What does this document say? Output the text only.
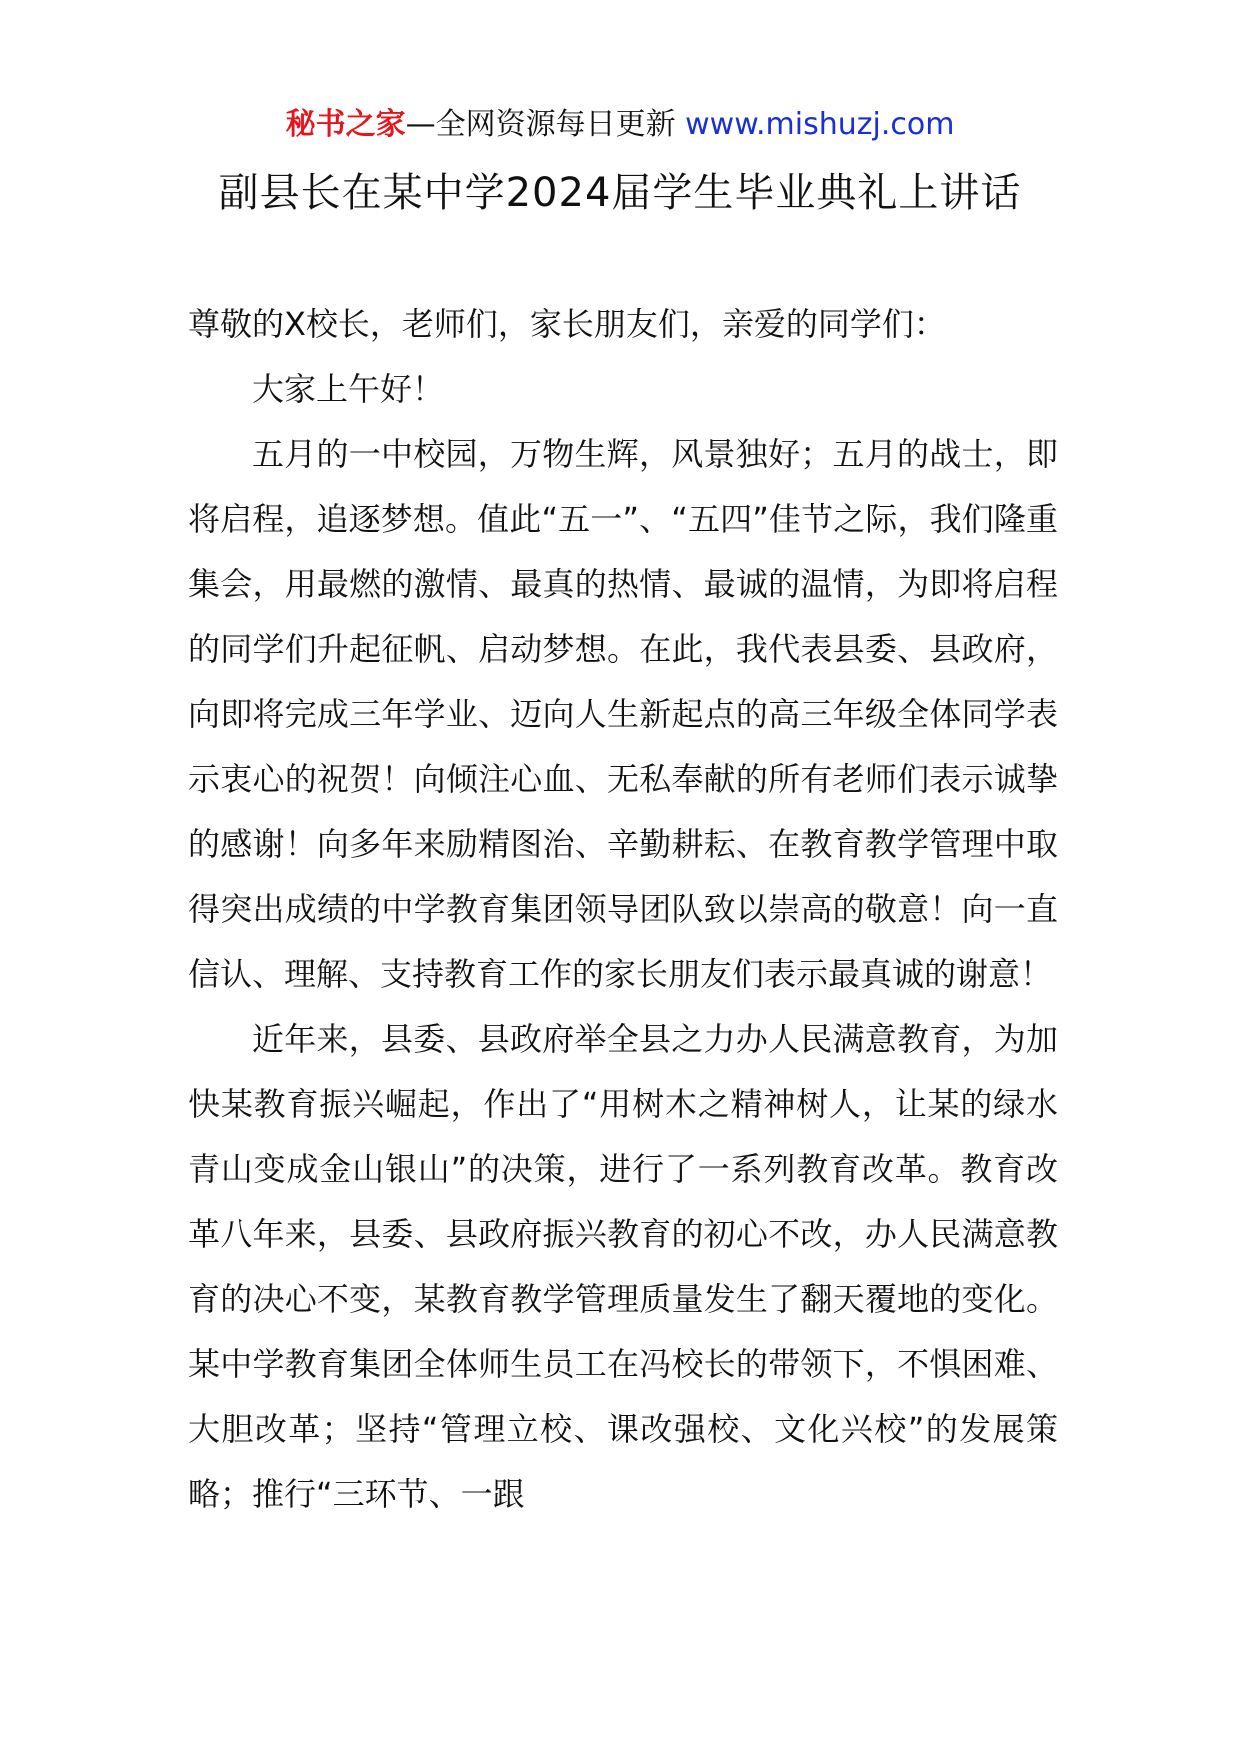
秘书之家—全网资源每日更新 www.mishuzj.com
副县长在某中学2024届学生毕业典礼上讲话

尊敬的X校长，老师们，家长朋友们，亲爱的同学们：

大家上午好！

五月的一中校园，万物生辉，风景独好；五月的战士，即将启程，追逐梦想。值此“五一”、“五四”佳节之际，我们隆重集会，用最燃的激情、最真的热情、最诚的温情，为即将启程的同学们升起征帆、启动梦想。在此，我代表县委、县政府，向即将完成三年学业、迈向人生新起点的高三年级全体同学表示衷心的祝贺！向倾注心血、无私奉献的所有老师们表示诚挚的感谢！向多年来励精图治、辛勤耕耘、在教育教学管理中取得突出成绩的中学教育集团领导团队致以崇高的敬意！向一直信认、理解、支持教育工作的家长朋友们表示最真诚的谢意！

近年来，县委、县政府举全县之力办人民满意教育，为加快某教育振兴崛起，作出了“用树木之精神树人，让某的绿水青山变成金山银山”的决策，进行了一系列教育改革。教育改革八年来，县委、县政府振兴教育的初心不改，办人民满意教育的决心不变，某教育教学管理质量发生了翻天覆地的变化。某中学教育集团全体师生员工在冯校长的带领下，不惧困难、大胆改革；坚持“管理立校、课改强校、文化兴校”的发展策略；推行“三环节、一跟
